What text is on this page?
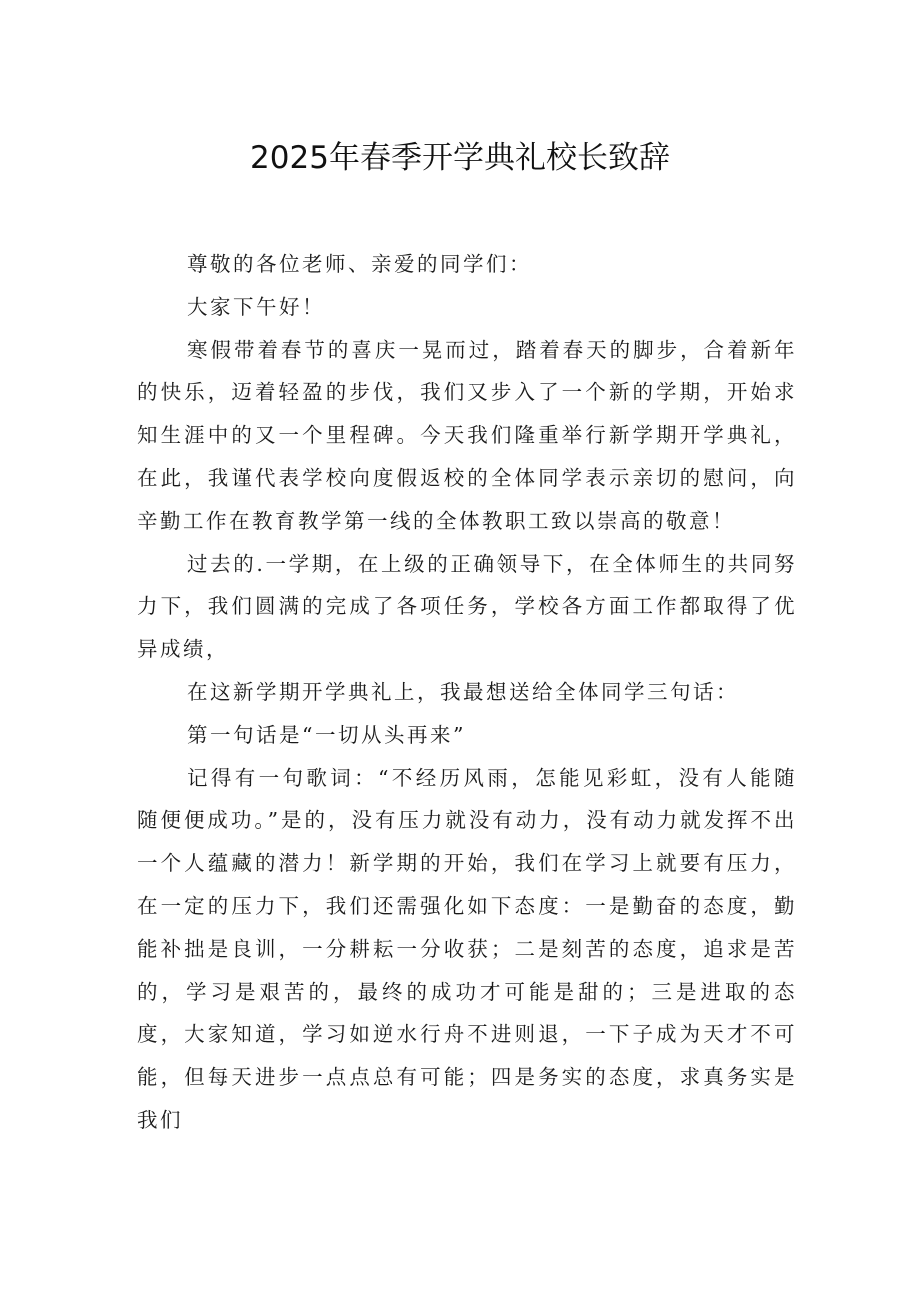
2025年春季开学典礼校长致辞

尊敬的各位老师、亲爱的同学们：

大家下午好！

寒假带着春节的喜庆一晃而过，踏着春天的脚步，合着新年的快乐，迈着轻盈的步伐，我们又步入了一个新的学期，开始求知生涯中的又一个里程碑。今天我们隆重举行新学期开学典礼，在此，我谨代表学校向度假返校的全体同学表示亲切的慰问，向辛勤工作在教育教学第一线的全体教职工致以崇高的敬意！

过去的.一学期，在上级的正确领导下，在全体师生的共同努力下，我们圆满的完成了各项任务，学校各方面工作都取得了优异成绩，

在这新学期开学典礼上，我最想送给全体同学三句话：

第一句话是“一切从头再来”

记得有一句歌词：“不经历风雨，怎能见彩虹，没有人能随随便便成功。”是的，没有压力就没有动力，没有动力就发挥不出一个人蕴藏的潜力！新学期的开始，我们在学习上就要有压力，在一定的压力下，我们还需强化如下态度：一是勤奋的态度，勤能补拙是良训，一分耕耘一分收获；二是刻苦的态度，追求是苦的，学习是艰苦的，最终的成功才可能是甜的；三是进取的态度，大家知道，学习如逆水行舟不进则退，一下子成为天才不可能，但每天进步一点点总有可能；四是务实的态度，求真务实是我们
